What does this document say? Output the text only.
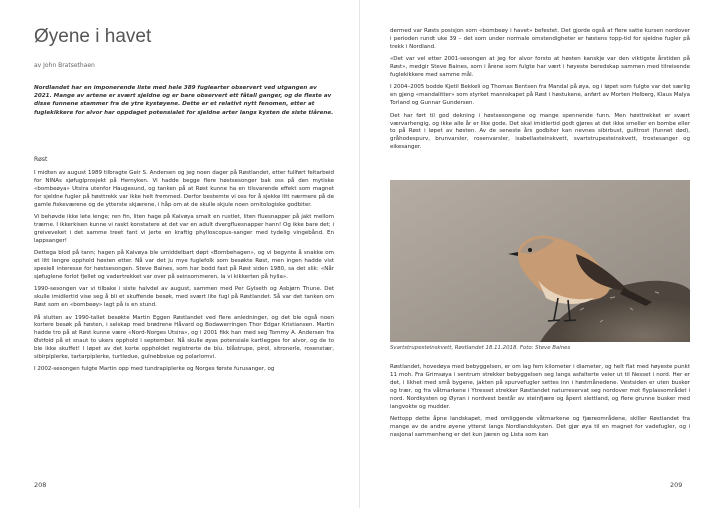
Øyene i havet
av John Bratsethaen
Nordlandet har en imponerende liste med hele 389 fuglearter observert ved utgangen av 2021. Mange av artene er svært sjeldne og er bare observert ett fåtall ganger, og de fleste av disse funnene stammer fra de ytre kystøyene. Dette er et relativt nytt fenomen, etter at fuglekikkere for alvor har oppdaget potensialet for sjeldne arter langs kysten de siste tiårene.
Røst

I midten av august 1989 tilbragte Geir S. Andersen og jeg noen dager på Røstlandet, etter fullført feltarbeid for NINAs sjøfuglprosjekt på Hernyken. Vi hadde begge flere høstsesonger bak oss på den mytiske «bombeøya» Utsira utenfor Haugesund, og tanken på at Røst kunne ha en tilsvarende effekt som magnet for sjeldne fugler på høsttrekk var ikke helt fremmed. Derfor bestemte vi oss for å sjekke litt nærmere på de gamle fiskeværene og de ytterste skjærene, i håp om at de skulle skjule noen ornitologiske godbiter.

Vi behøvde ikke lete lenge; ren fin, liten hage på Kalvøya smalt en rustlet, liten fluesnapper på jakt mellom trærne. I ikkerkisen kunne vi raskt konstatere at det var en adult dvergfluesnapper hann! Og ikke bare det; i greiveveket i det samme treet fant vi jerte en kraftig phylloscopus-sanger med tydelig vingebånd. En lappsanger!

Dettega blod på tann; hagen på Kalvøya ble umiddelbart døpt «Bombehagen», og vi begynte å snakke om et litt lengre opphold høsten etter. Nå var det ju mye fuglefolk som besøkte Røst, men ingen hadde vist spesiell interesse for høstsesongen. Steve Baines, som har bodd fast på Røst siden 1980, sa det slik: «Når sjøfuglene forlot fjellet og vadertrekket var over på seinsommeren, la vi kikkerten på hylla».

1990-sesongen var vi tilbake i siste halvdel av august, sammen med Per Gylseth og Asbjørn Thune. Det skulle imidlertid vise seg å bli et skuffende besøk, med svært lite fugl på Røstlandet. Så var det tanken om Røst som en «bombeøy» lagt på is en stund.

På slutten av 1990-tallet besøkte Martin Eggen Røstlandet ved flere anledninger, og det ble også noen kortere besøk på høsten, i selskap med brødrene Håvard og Bodawerringen Thor Edgar Kristiansen. Martin hadde tro på at Røst kunne være «Nord-Norges Utsira», og i 2001 fikk han med seg Tommy A. Andersen fra Østfold på et snaut to ukers opphold i september. Nå skulle øyas potensiale kartlegges for alvor, og de to ble ikke skuffet! I løpet av det korte oppholdet registrerte de blu. blåstrupe, pirol, sitronerle, rosenstær, sibirpiplerke, tartarpiplerke, turtledue, gulnebbsiue og polarlomvi.

I 2002-sesongen fulgte Martin opp med tundrapiplerke og Norges første furusanger, og

208

dermed var Røsts posisjon som «bombeøy i havet» befestet. Det gjorde også at flere satte kursen nordover i perioden rundt uke 39 – det som under normale omstendigheter er høstens topp-tid for sjeldne fugler på trekk i Nordland.

«Det var vel etter 2001-sesongen at jeg for alvor forsto at høsten kanskje var den viktigste årstiden på Røst», medgir Steve Baines, som i årene som fulgte har vært i høyeste beredskap sammen med tilreisende fuglekikkere med samme mål.

I 2004–2005 bodde Kjetil Bekkeli og Thomas Bentsen fra Mandal på øya, og i løpet som fulgte var det særlig en gjeng «mandalitter» som styrket mannskapet på Røst i høstukene, anført av Morten Helberg, Klaus Malya Torland og Gunnar Gundersen.

Det har ført til god dekning i høstsesongene og mange spennende funn. Men høsttrekket er svært værvarhengig, og ikke alle år er like gode. Det skal imidlertid godt gjøres at det ikke smeller en bombe eller to på Røst i løpet av høsten. Av de seneste års godbiter kan nevnes sibirbust, gulltrost (funnet død), gråhodespurv, brunvarsler, rosenvarsler, isabellasteinskvett, svartstrupesteinskvett, trostesanger og eikesanger.

Svartstrupesteinskvett, Røstlandet 18.11.2018. Foto: Steve Baines

Røstlandet, hovedøya med bebyggelsen, er om lag fem kilometer i diameter, og helt flat med høyeste punkt 11 moh. Fra Grimsøya i sentrum strekker bebyggelsen seg langs asfalterte veier ut til Nesset i nord. Her er det, i likhet med små bygene, jakten på spurvefugler settes inn i høstmånedene. Vestsiden er uten busker og trær, og fra våtmarkene i Ytresset strekker Røstlandet naturreservat seg nordover mot flyplassområdet i nord. Nordkysten og Øyran i nordvest består av steinfjære og åpent slettland, og flere grunne busker med langvokte og mudder.

Nettopp dette åpne landskapet, med omliggende våtmarkene og fjæreområdene, skiller Røstlandet fra mange av de andre øyene ytterst langs Nordlandskysten. Det gjør øya til en magnet for vadefugler, og i nasjonal sammenheng er det kun Jæren og Lista som kan

209
